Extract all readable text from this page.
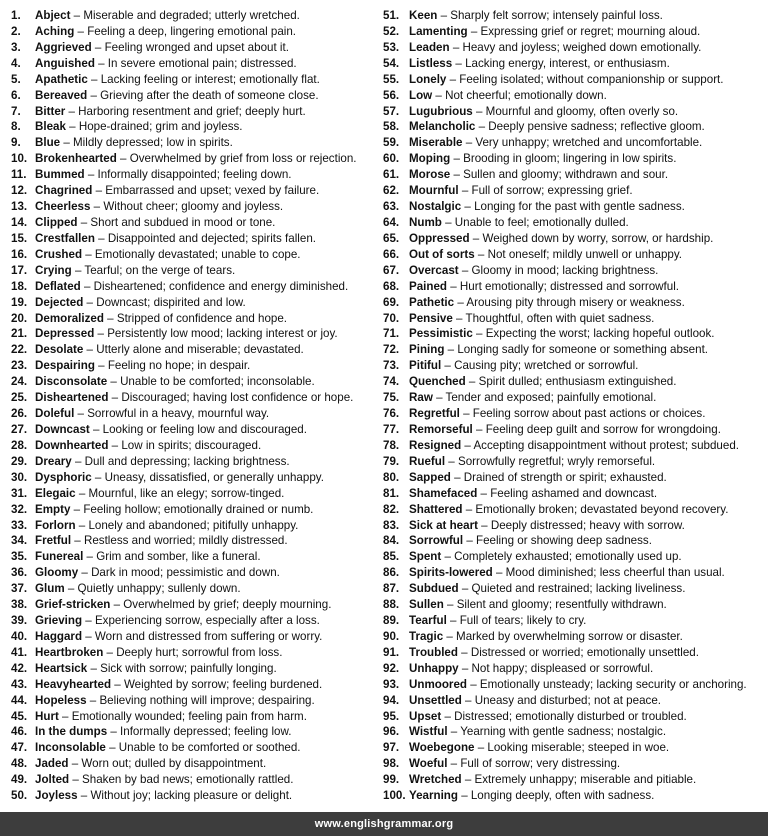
1. Abject – Miserable and degraded; utterly wretched.
2. Aching – Feeling a deep, lingering emotional pain.
3. Aggrieved – Feeling wronged and upset about it.
4. Anguished – In severe emotional pain; distressed.
5. Apathetic – Lacking feeling or interest; emotionally flat.
6. Bereaved – Grieving after the death of someone close.
7. Bitter – Harboring resentment and grief; deeply hurt.
8. Bleak – Hope-drained; grim and joyless.
9. Blue – Mildly depressed; low in spirits.
10. Brokenhearted – Overwhelmed by grief from loss or rejection.
11. Bummed – Informally disappointed; feeling down.
12. Chagrined – Embarrassed and upset; vexed by failure.
13. Cheerless – Without cheer; gloomy and joyless.
14. Clipped – Short and subdued in mood or tone.
15. Crestfallen – Disappointed and dejected; spirits fallen.
16. Crushed – Emotionally devastated; unable to cope.
17. Crying – Tearful; on the verge of tears.
18. Deflated – Disheartened; confidence and energy diminished.
19. Dejected – Downcast; dispirited and low.
20. Demoralized – Stripped of confidence and hope.
21. Depressed – Persistently low mood; lacking interest or joy.
22. Desolate – Utterly alone and miserable; devastated.
23. Despairing – Feeling no hope; in despair.
24. Disconsolate – Unable to be comforted; inconsolable.
25. Disheartened – Discouraged; having lost confidence or hope.
26. Doleful – Sorrowful in a heavy, mournful way.
27. Downcast – Looking or feeling low and discouraged.
28. Downhearted – Low in spirits; discouraged.
29. Dreary – Dull and depressing; lacking brightness.
30. Dysphoric – Uneasy, dissatisfied, or generally unhappy.
31. Elegaic – Mournful, like an elegy; sorrow-tinged.
32. Empty – Feeling hollow; emotionally drained or numb.
33. Forlorn – Lonely and abandoned; pitifully unhappy.
34. Fretful – Restless and worried; mildly distressed.
35. Funereal – Grim and somber, like a funeral.
36. Gloomy – Dark in mood; pessimistic and down.
37. Glum – Quietly unhappy; sullenly down.
38. Grief-stricken – Overwhelmed by grief; deeply mourning.
39. Grieving – Experiencing sorrow, especially after a loss.
40. Haggard – Worn and distressed from suffering or worry.
41. Heartbroken – Deeply hurt; sorrowful from loss.
42. Heartsick – Sick with sorrow; painfully longing.
43. Heavyhearted – Weighted by sorrow; feeling burdened.
44. Hopeless – Believing nothing will improve; despairing.
45. Hurt – Emotionally wounded; feeling pain from harm.
46. In the dumps – Informally depressed; feeling low.
47. Inconsolable – Unable to be comforted or soothed.
48. Jaded – Worn out; dulled by disappointment.
49. Jolted – Shaken by bad news; emotionally rattled.
50. Joyless – Without joy; lacking pleasure or delight.
51. Keen – Sharply felt sorrow; intensely painful loss.
52. Lamenting – Expressing grief or regret; mourning aloud.
53. Leaden – Heavy and joyless; weighed down emotionally.
54. Listless – Lacking energy, interest, or enthusiasm.
55. Lonely – Feeling isolated; without companionship or support.
56. Low – Not cheerful; emotionally down.
57. Lugubrious – Mournful and gloomy, often overly so.
58. Melancholic – Deeply pensive sadness; reflective gloom.
59. Miserable – Very unhappy; wretched and uncomfortable.
60. Moping – Brooding in gloom; lingering in low spirits.
61. Morose – Sullen and gloomy; withdrawn and sour.
62. Mournful – Full of sorrow; expressing grief.
63. Nostalgic – Longing for the past with gentle sadness.
64. Numb – Unable to feel; emotionally dulled.
65. Oppressed – Weighed down by worry, sorrow, or hardship.
66. Out of sorts – Not oneself; mildly unwell or unhappy.
67. Overcast – Gloomy in mood; lacking brightness.
68. Pained – Hurt emotionally; distressed and sorrowful.
69. Pathetic – Arousing pity through misery or weakness.
70. Pensive – Thoughtful, often with quiet sadness.
71. Pessimistic – Expecting the worst; lacking hopeful outlook.
72. Pining – Longing sadly for someone or something absent.
73. Pitiful – Causing pity; wretched or sorrowful.
74. Quenched – Spirit dulled; enthusiasm extinguished.
75. Raw – Tender and exposed; painfully emotional.
76. Regretful – Feeling sorrow about past actions or choices.
77. Remorseful – Feeling deep guilt and sorrow for wrongdoing.
78. Resigned – Accepting disappointment without protest; subdued.
79. Rueful – Sorrowfully regretful; wryly remorseful.
80. Sapped – Drained of strength or spirit; exhausted.
81. Shamefaced – Feeling ashamed and downcast.
82. Shattered – Emotionally broken; devastated beyond recovery.
83. Sick at heart – Deeply distressed; heavy with sorrow.
84. Sorrowful – Feeling or showing deep sadness.
85. Spent – Completely exhausted; emotionally used up.
86. Spirits-lowered – Mood diminished; less cheerful than usual.
87. Subdued – Quieted and restrained; lacking liveliness.
88. Sullen – Silent and gloomy; resentfully withdrawn.
89. Tearful – Full of tears; likely to cry.
90. Tragic – Marked by overwhelming sorrow or disaster.
91. Troubled – Distressed or worried; emotionally unsettled.
92. Unhappy – Not happy; displeased or sorrowful.
93. Unmoored – Emotionally unsteady; lacking security or anchoring.
94. Unsettled – Uneasy and disturbed; not at peace.
95. Upset – Distressed; emotionally disturbed or troubled.
96. Wistful – Yearning with gentle sadness; nostalgic.
97. Woebegone – Looking miserable; steeped in woe.
98. Woeful – Full of sorrow; very distressing.
99. Wretched – Extremely unhappy; miserable and pitiable.
100. Yearning – Longing deeply, often with sadness.
www.englishgrammar.org
